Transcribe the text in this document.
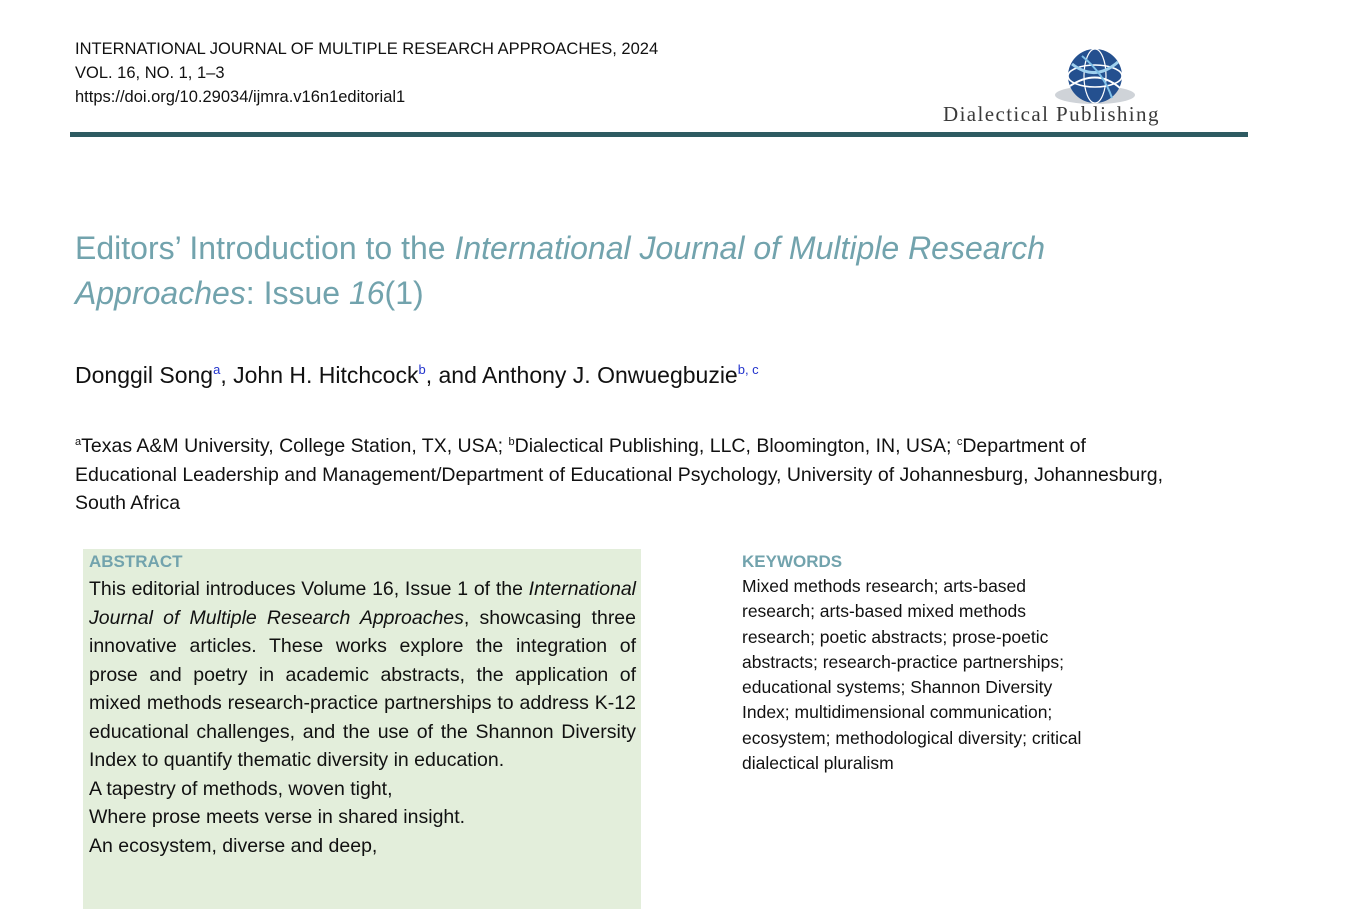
INTERNATIONAL JOURNAL OF MULTIPLE RESEARCH APPROACHES, 2024
VOL. 16, NO. 1, 1–3
https://doi.org/10.29034/ijmra.v16n1editorial1
Dialectical Publishing
Editors’ Introduction to the International Journal of Multiple Research Approaches: Issue 16(1)
Donggil Song$^a$, John H. Hitchcock$^b$, and Anthony J. Onwuegbuzie$^{b, c}$
$^a$Texas A&M University, College Station, TX, USA; $^b$Dialectical Publishing, LLC, Bloomington, IN, USA; $^c$Department of Educational Leadership and Management/Department of Educational Psychology, University of Johannesburg, Johannesburg, South Africa
ABSTRACT

This editorial introduces Volume 16, Issue 1 of the International Journal of Multiple Research Approaches, showcasing three innovative articles. These works explore the integration of prose and poetry in academic abstracts, the application of mixed methods research-practice partnerships to address K-12 educational challenges, and the use of the Shannon Diversity Index to quantify thematic diversity in education.

A tapestry of methods, woven tight,
Where prose meets verse in shared insight.
An ecosystem, diverse and deep,
KEYWORDS
Mixed methods research; arts-based research; arts-based mixed methods research; poetic abstracts; prose-poetic abstracts; research-practice partnerships; educational systems; Shannon Diversity Index; multidimensional communication; ecosystem; methodological diversity; critical dialectical pluralism
